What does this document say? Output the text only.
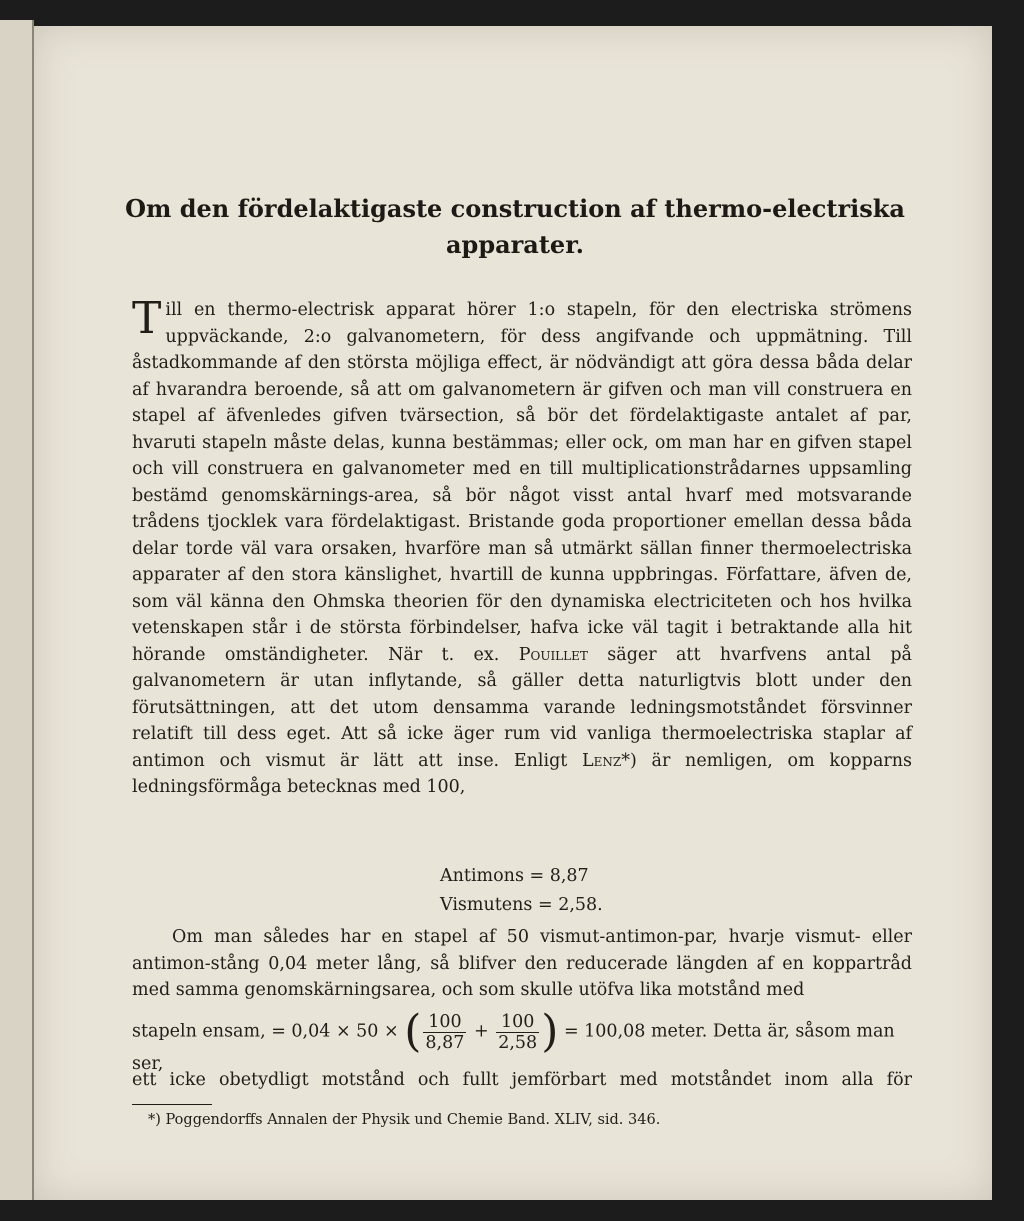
Om den fördelaktigaste construction af thermo-electriska
apparater.
Till en thermo-electrisk apparat hörer 1:o stapeln, för den electriska strömens uppväckande, 2:o galvanometern, för dess angifvande och uppmätning. Till åstadkommande af den största möjliga effect, är nödvändigt att göra dessa båda delar af hvarandra beroende, så att om galvanometern är gifven och man vill construera en stapel af äfvenledes gifven tvärsection, så bör det fördelaktigaste antalet af par, hvaruti stapeln måste delas, kunna bestämmas; eller ock, om man har en gifven stapel och vill construera en galvanometer med en till multiplicationstrådarnes uppsamling bestämd genomskärnings-area, så bör något visst antal hvarf med motsvarande trådens tjocklek vara fördelaktigast. Bristande goda proportioner emellan dessa båda delar torde väl vara orsaken, hvarföre man så utmärkt sällan finner thermoelectriska apparater af den stora känslighet, hvartill de kunna uppbringas. Författare, äfven de, som väl känna den Ohmska theorien för den dynamiska electriciteten och hos hvilka vetenskapen står i de största förbindelser, hafva icke väl tagit i betraktande alla hit hörande omständigheter. När t. ex. Pouillet säger att hvarfvens antal på galvanometern är utan inflytande, så gäller detta naturligtvis blott under den förutsättningen, att det utom densamma varande ledningsmotståndet försvinner relatift till dess eget. Att så icke äger rum vid vanliga thermoelectriska staplar af antimon och vismut är lätt att inse. Enligt Lenz*) är nemligen, om kopparns ledningsförmåga betecknas med 100,
Antimons = 8,87
Vismutens = 2,58.
Om man således har en stapel af 50 vismut-antimon-par, hvarje vismut- eller antimon-stång 0,04 meter lång, så blifver den reducerade längden af en koppartråd med samma genomskärningsarea, och som skulle utöfva lika motstånd med
stapeln ensam, = 0,04 × 50 × ( $\frac{100}{8,87} + \frac{100}{2,58}$ ) = 100,08 meter. Detta är, såsom man ser,
ett icke obetydligt motstånd och fullt jemförbart med motståndet inom alla för
*) Poggendorffs Annalen der Physik und Chemie Band. XLIV, sid. 346.
